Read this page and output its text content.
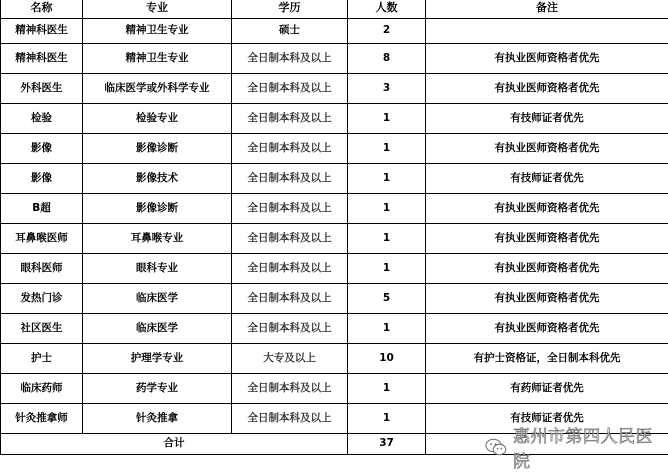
名称	专业	学历	人数	备注
精神科医生	精神卫生专业	硕士	2	
精神科医生	精神卫生专业	全日制本科及以上	8	有执业医师资格者优先
外科医生	临床医学或外科学专业	全日制本科及以上	3	有执业医师资格者优先
检验	检验专业	全日制本科及以上	1	有技师证者优先
影像	影像诊断	全日制本科及以上	1	有执业医师资格者优先
影像	影像技术	全日制本科及以上	1	有技师证者优先
B超	影像诊断	全日制本科及以上	1	有执业医师资格者优先
耳鼻喉医师	耳鼻喉专业	全日制本科及以上	1	有执业医师资格者优先
眼科医师	眼科专业	全日制本科及以上	1	有执业医师资格者优先
发热门诊	临床医学	全日制本科及以上	5	有执业医师资格者优先
社区医生	临床医学	全日制本科及以上	1	有执业医师资格者优先
护士	护理学专业	大专及以上	10	有护士资格证，全日制本科优先
临床药师	药学专业	全日制本科及以上	1	有药师证者优先
针灸推拿师	针灸推拿	全日制本科及以上	1	有技师证者优先
合计			37		惠州市第四人民医院
